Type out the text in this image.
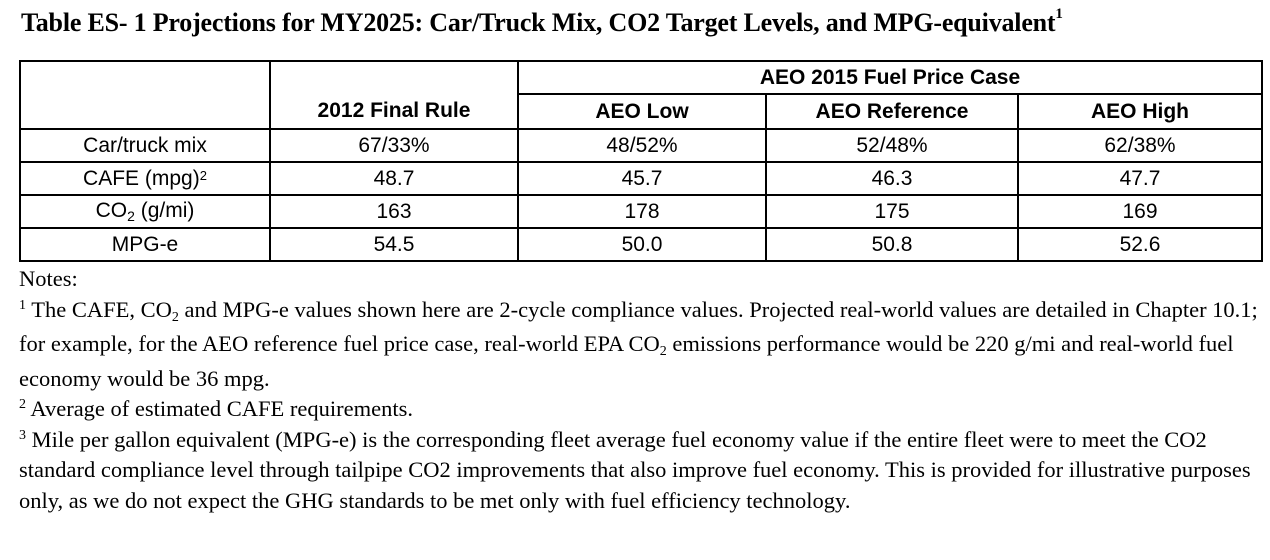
Table ES- 1 Projections for MY2025: Car/Truck Mix, CO2 Target Levels, and MPG-equivalent$^1$
		AEO 2015 Fuel Price Case		
	2012 Final Rule	AEO Low	AEO Reference	AEO High
Car/truck mix	67/33%	48/52%	52/48%	62/38%
CAFE (mpg)$^2$	48.7	45.7	46.3	47.7
$CO_2$ (g/mi)	163	178	175	169
MPG-e	54.5	50.0	50.8	52.6

Notes:

$^1$ The CAFE, $CO_2$ and MPG-e values shown here are 2-cycle compliance values. Projected real-world values are detailed in Chapter 10.1; for example, for the AEO reference fuel price case, real-world EPA $CO_2$ emissions performance would be 220 g/mi and real-world fuel economy would be 36 mpg.

$^2$ Average of estimated CAFE requirements.

$^3$ Mile per gallon equivalent (MPG-e) is the corresponding fleet average fuel economy value if the entire fleet were to meet the CO2 standard compliance level through tailpipe CO2 improvements that also improve fuel economy. This is provided for illustrative purposes only, as we do not expect the GHG standards to be met only with fuel efficiency technology.
